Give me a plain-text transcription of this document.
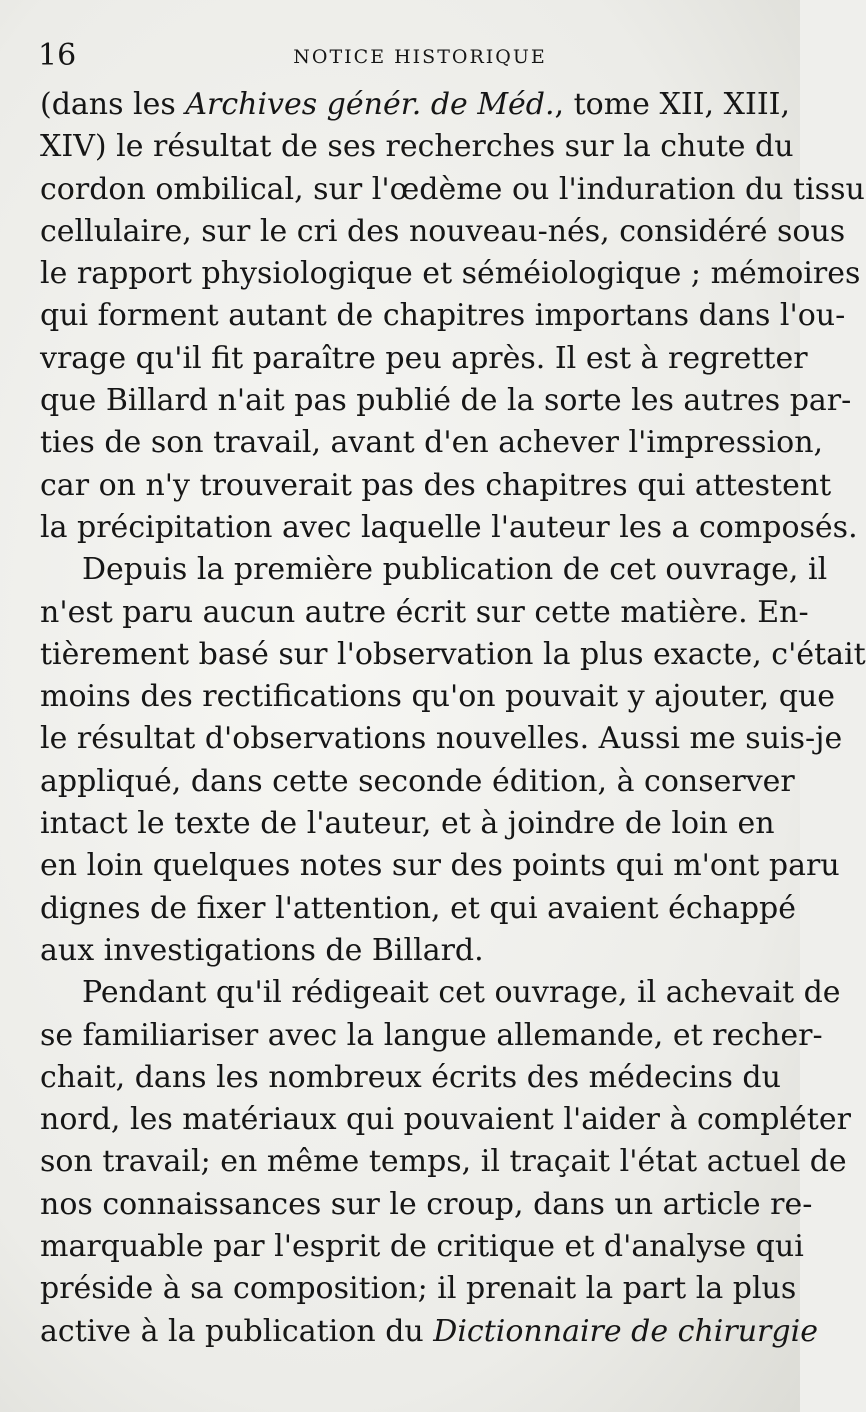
16	NOTICE HISTORIQUE
(dans les Archives génér. de Méd., tome XII, XIII,
XIV) le résultat de ses recherches sur la chute du
cordon ombilical, sur l'œdème ou l'induration du tissu
cellulaire, sur le cri des nouveau-nés, considéré sous
le rapport physiologique et séméiologique ; mémoires
qui forment autant de chapitres importans dans l'ou-
vrage qu'il fit paraître peu après. Il est à regretter
que Billard n'ait pas publié de la sorte les autres par-
ties de son travail, avant d'en achever l'impression,
car on n'y trouverait pas des chapitres qui attestent
la précipitation avec laquelle l'auteur les a composés.
Depuis la première publication de cet ouvrage, il
n'est paru aucun autre écrit sur cette matière. En-
tièrement basé sur l'observation la plus exacte, c'était
moins des rectifications qu'on pouvait y ajouter, que
le résultat d'observations nouvelles. Aussi me suis-je
appliqué, dans cette seconde édition, à conserver
intact le texte de l'auteur, et à joindre de loin en
en loin quelques notes sur des points qui m'ont paru
dignes de fixer l'attention, et qui avaient échappé
aux investigations de Billard.
Pendant qu'il rédigeait cet ouvrage, il achevait de
se familiariser avec la langue allemande, et recher-
chait, dans les nombreux écrits des médecins du
nord, les matériaux qui pouvaient l'aider à compléter
son travail; en même temps, il traçait l'état actuel de
nos connaissances sur le croup, dans un article re-
marquable par l'esprit de critique et d'analyse qui
préside à sa composition; il prenait la part la plus
active à la publication du Dictionnaire de chirurgie
